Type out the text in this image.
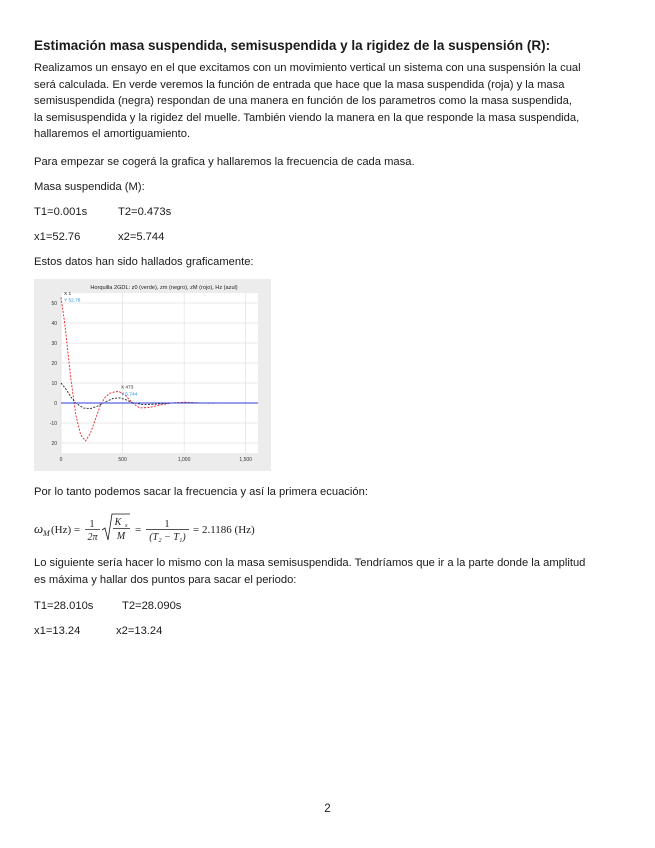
Estimación masa suspendida, semisuspendida y la rigidez de la suspensión (R):

Realizamos un ensayo en el que excitamos con un movimiento vertical un sistema con una suspensión la cual
será calculada. En verde veremos la función de entrada que hace que la masa suspendida (roja) y la masa
semisuspendida (negra) respondan de una manera en función de los parametros como la masa suspendida,
la semisuspendida y la rigidez del muelle. También viendo la manera en la que responde la masa suspendida,
hallaremos el amortiguamiento.

Para empezar se cogerá la grafica y hallaremos la frecuencia de cada masa.

Masa suspendida (M):

T1=0.001s	T2=0.473s

x1=52.76	x2=5.744

Estos datos han sido hallados graficamente:

50
40
30
20
10
0
-10
20
0	500	1,000	1,500
X 1
Y 52.76
X 473
Y 5.744
Horquilla 2GDL: z0 (verde), zm (negro), zM (rojo), Hz (azul)

Por lo tanto podemos sacar la frecuencia y así la primera ecuación:

ω M (Hz) = 1
2π
K s
M
= 1
(T₂ − T₁)
= 2.1186 (Hz)

Lo siguiente sería hacer lo mismo con la masa semisuspendida. Tendríamos que ir a la parte donde la amplitud
es máxima y hallar dos puntos para sacar el periodo:

T1=28.010s	T2=28.090s

x1=13.24	x2=13.24

2
